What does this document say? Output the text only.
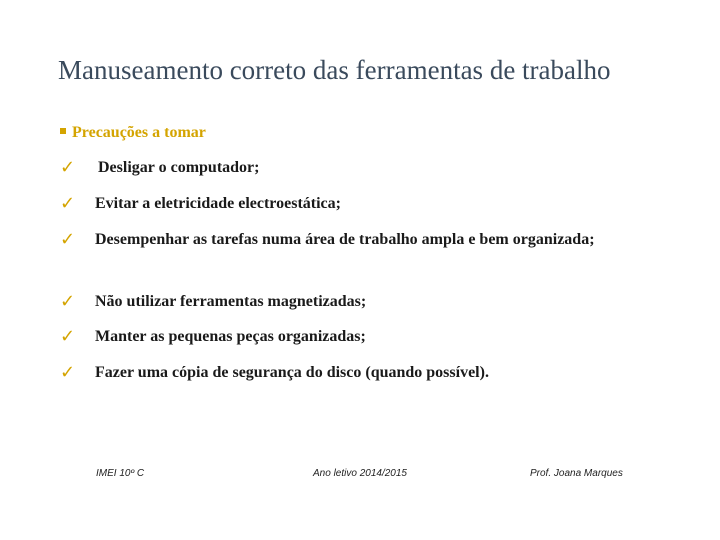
Manuseamento correto das ferramentas de trabalho
Precauções a tomar
✓ Desligar o computador;
✓ Evitar a eletricidade electroestática;
✓ Desempenhar as tarefas numa área de trabalho ampla e bem organizada;
✓ Não utilizar ferramentas magnetizadas;
✓ Manter as pequenas peças organizadas;
✓ Fazer uma cópia de segurança do disco (quando possível).
IMEI 10º C	Ano letivo 2014/2015	Prof. Joana Marques
